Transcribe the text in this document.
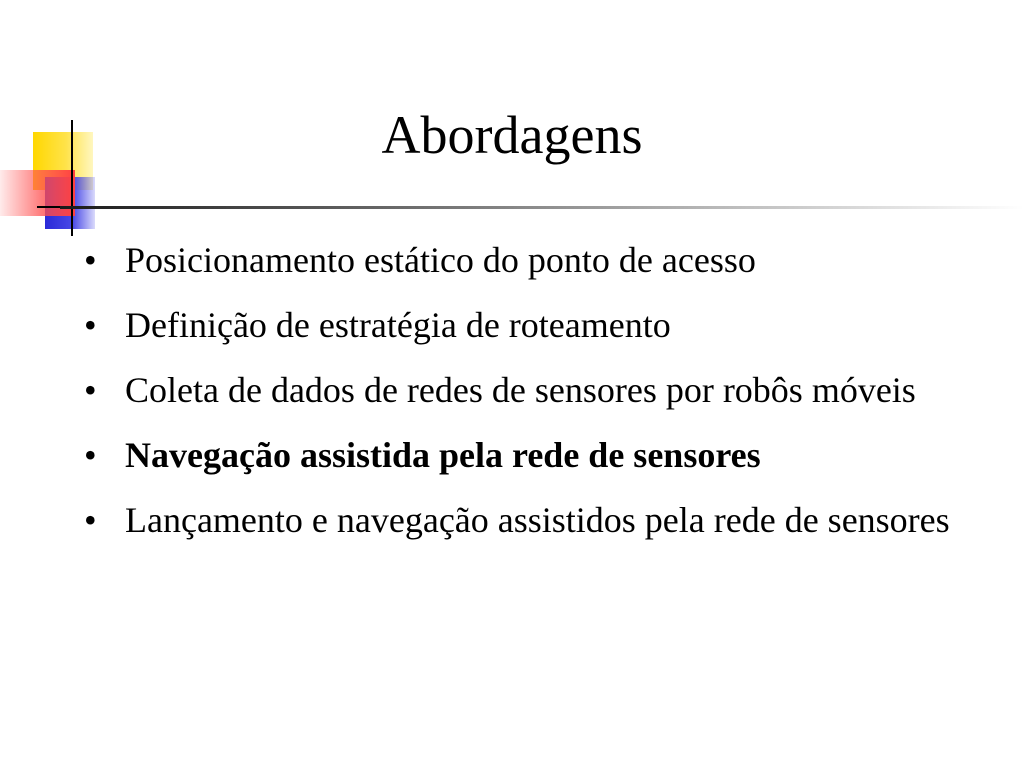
Abordagens
• Posicionamento estático do ponto de acesso
• Definição de estratégia de roteamento
• Coleta de dados de redes de sensores por robôs móveis
• Navegação assistida pela rede de sensores
• Lançamento e navegação assistidos pela rede de sensores
